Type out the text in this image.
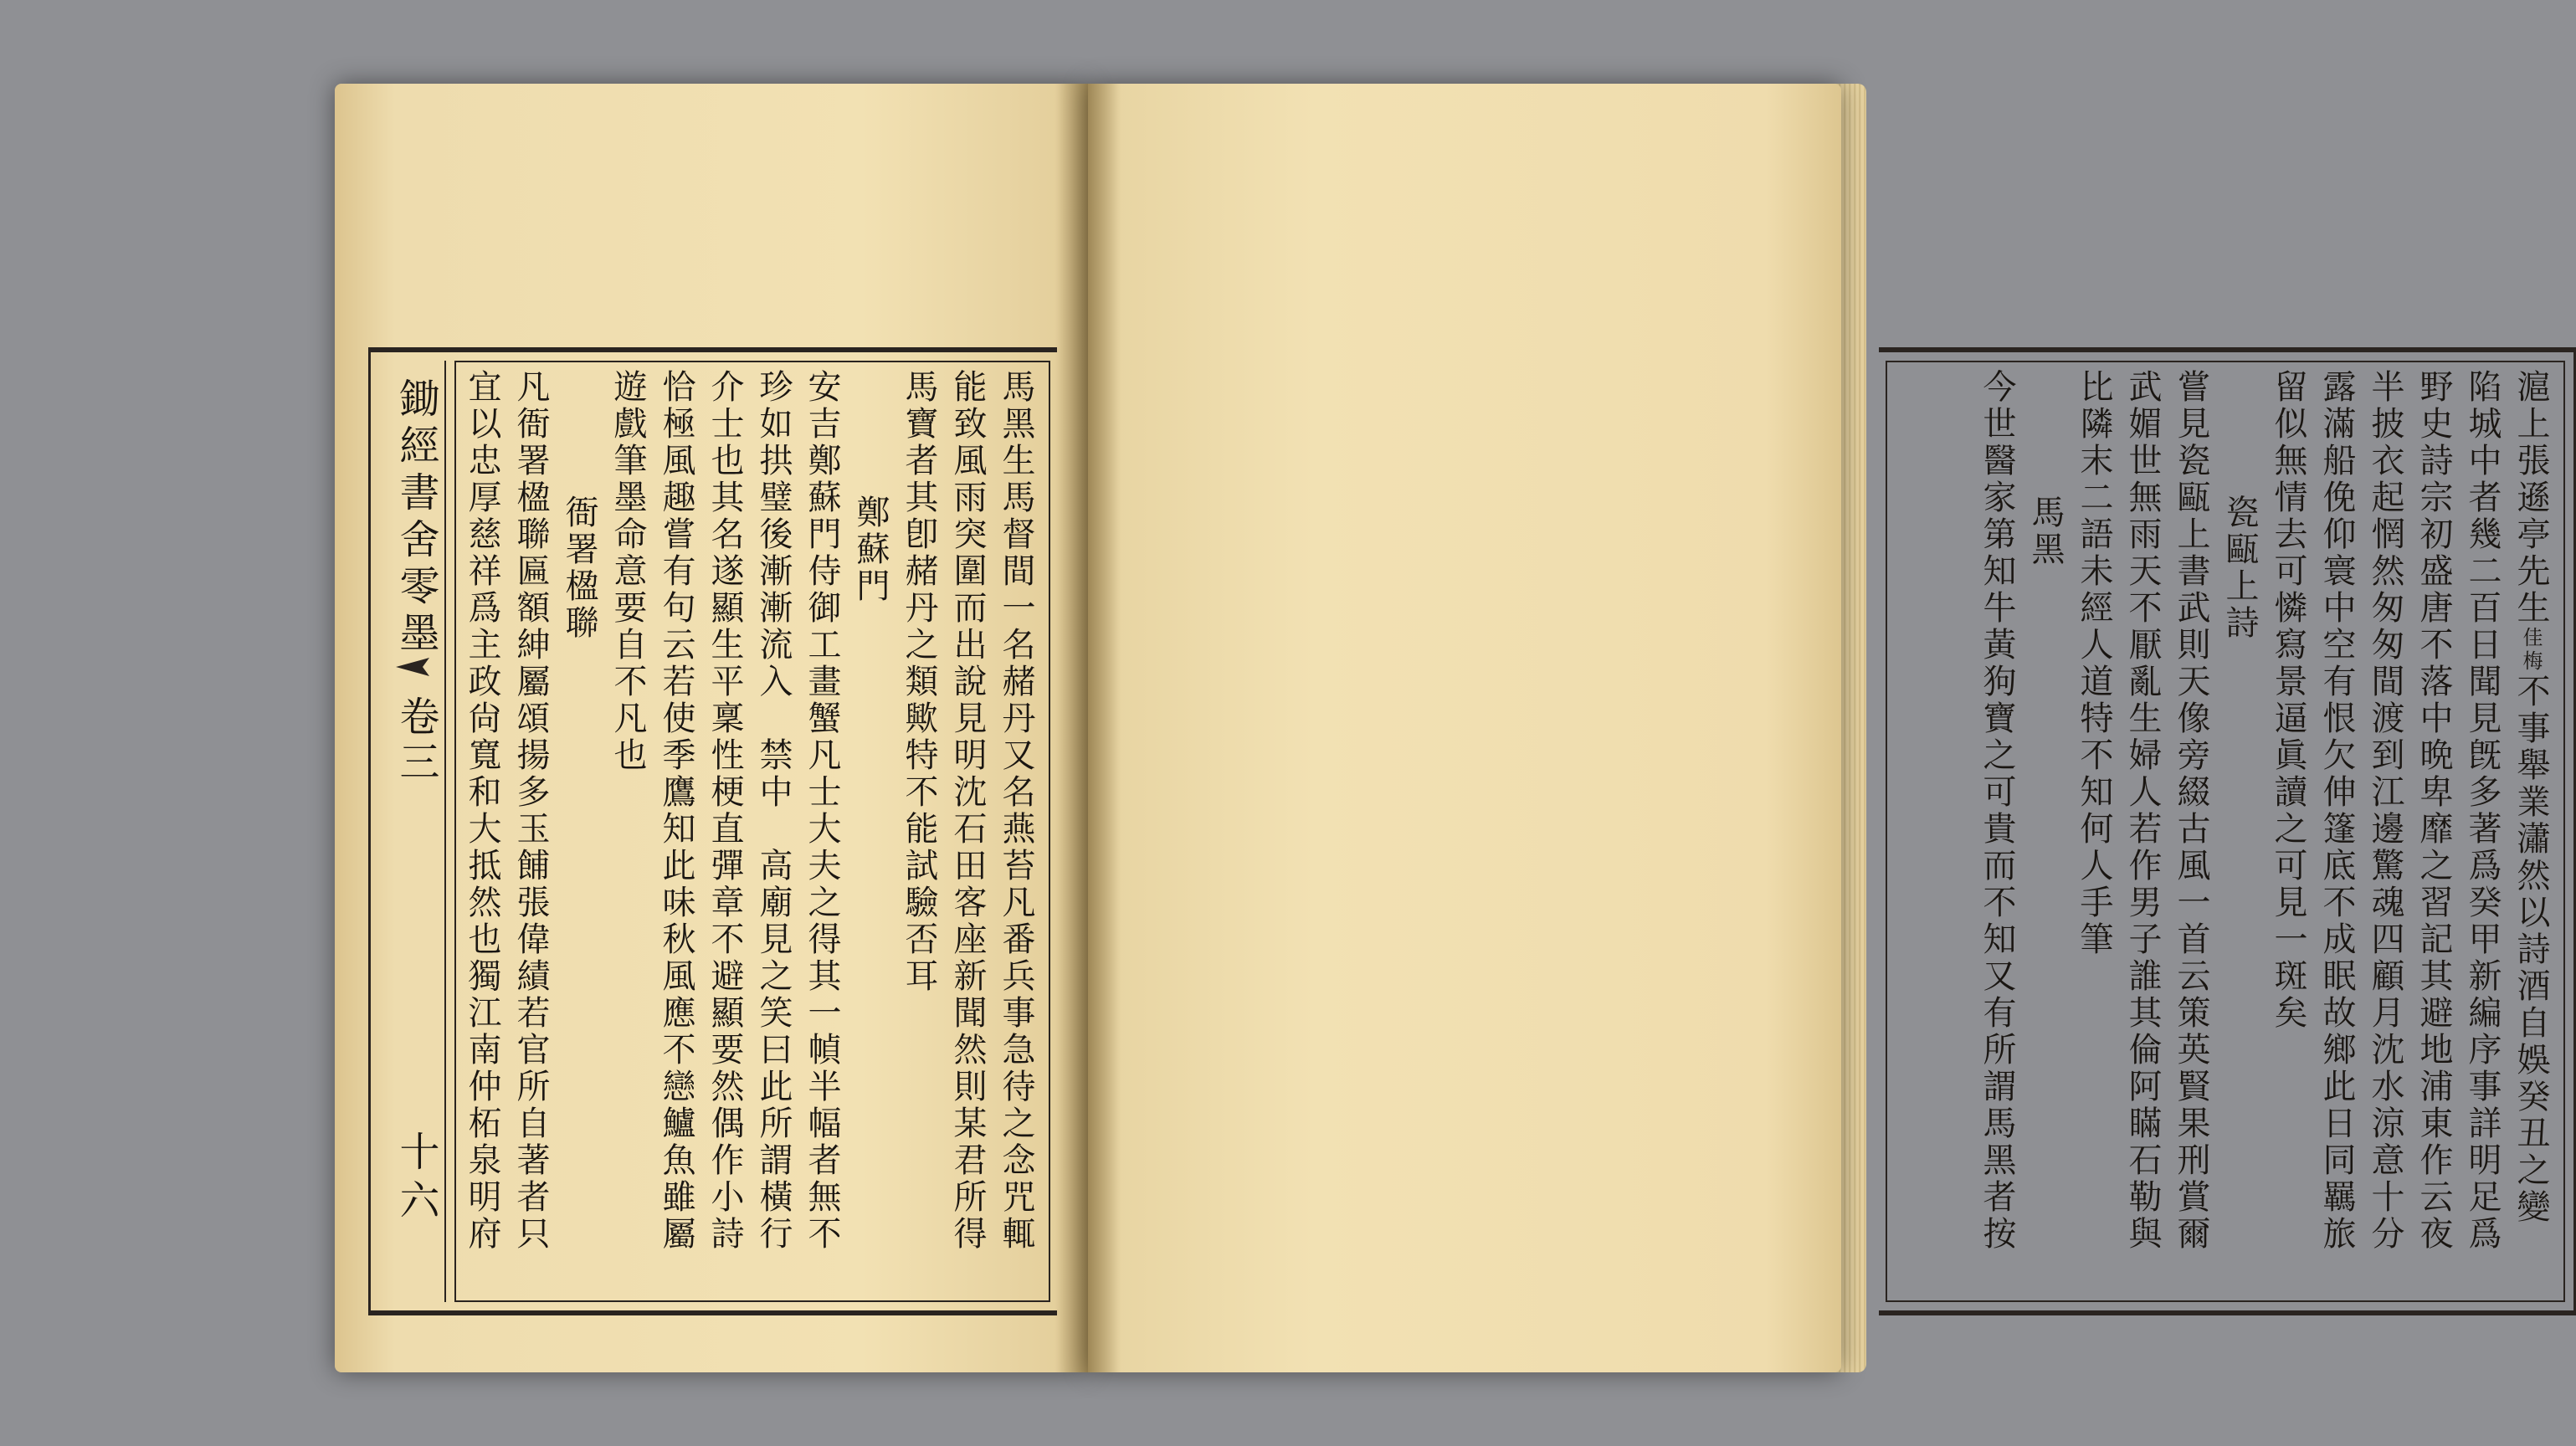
鋤經書舍零墨
卷三
十六	馬黑生馬督間一名赭丹又名燕苔凡番兵事急待之念咒輒
能致風雨突圍而出說見明沈石田客座新聞然則某君所得
馬寶者其卽赭丹之類歟特不能試驗否耳
鄭蘇門
安吉鄭蘇門侍御工畫蟹凡士大夫之得其一幀半幅者無不
珍如拱璧後漸漸流入　禁中　高廟見之笑曰此所謂橫行
介士也其名遂顯生平稟性梗直彈章不避顯要然偶作小詩
恰極風趣嘗有句云若使季鷹知此味秋風應不戀鱸魚雖屬
遊戲筆墨命意要自不凡也
衙署楹聯
凡衙署楹聯匾額紳屬頌揚多玉餔張偉績若官所自著者只
宜以忠厚慈祥爲主政尙寬和大抵然也獨江南仲柘泉明府	滬上張遜亭先生佳梅不事舉業瀟然以詩酒自娛癸丑之變
陷城中者幾二百日聞見旣多著爲癸甲新編序事詳明足爲
野史詩宗初盛唐不落中晩卑靡之習記其避地浦東作云夜
半披衣起惘然匆匆間渡到江邊驚魂四顧月沈水涼意十分
露滿船俛仰寰中空有恨欠伸篷底不成眠故鄉此日同羈旅
留似無情去可憐寫景逼眞讀之可見一斑矣
瓷甌上詩
嘗見瓷甌上書武則天像旁綴古風一首云策英賢果刑賞爾
武媚世無雨天不厭亂生婦人若作男子誰其倫阿瞞石勒與
比隣末二語未經人道特不知何人手筆
馬黑
今世醫家第知牛黃狗寶之可貴而不知又有所謂馬黑者按
